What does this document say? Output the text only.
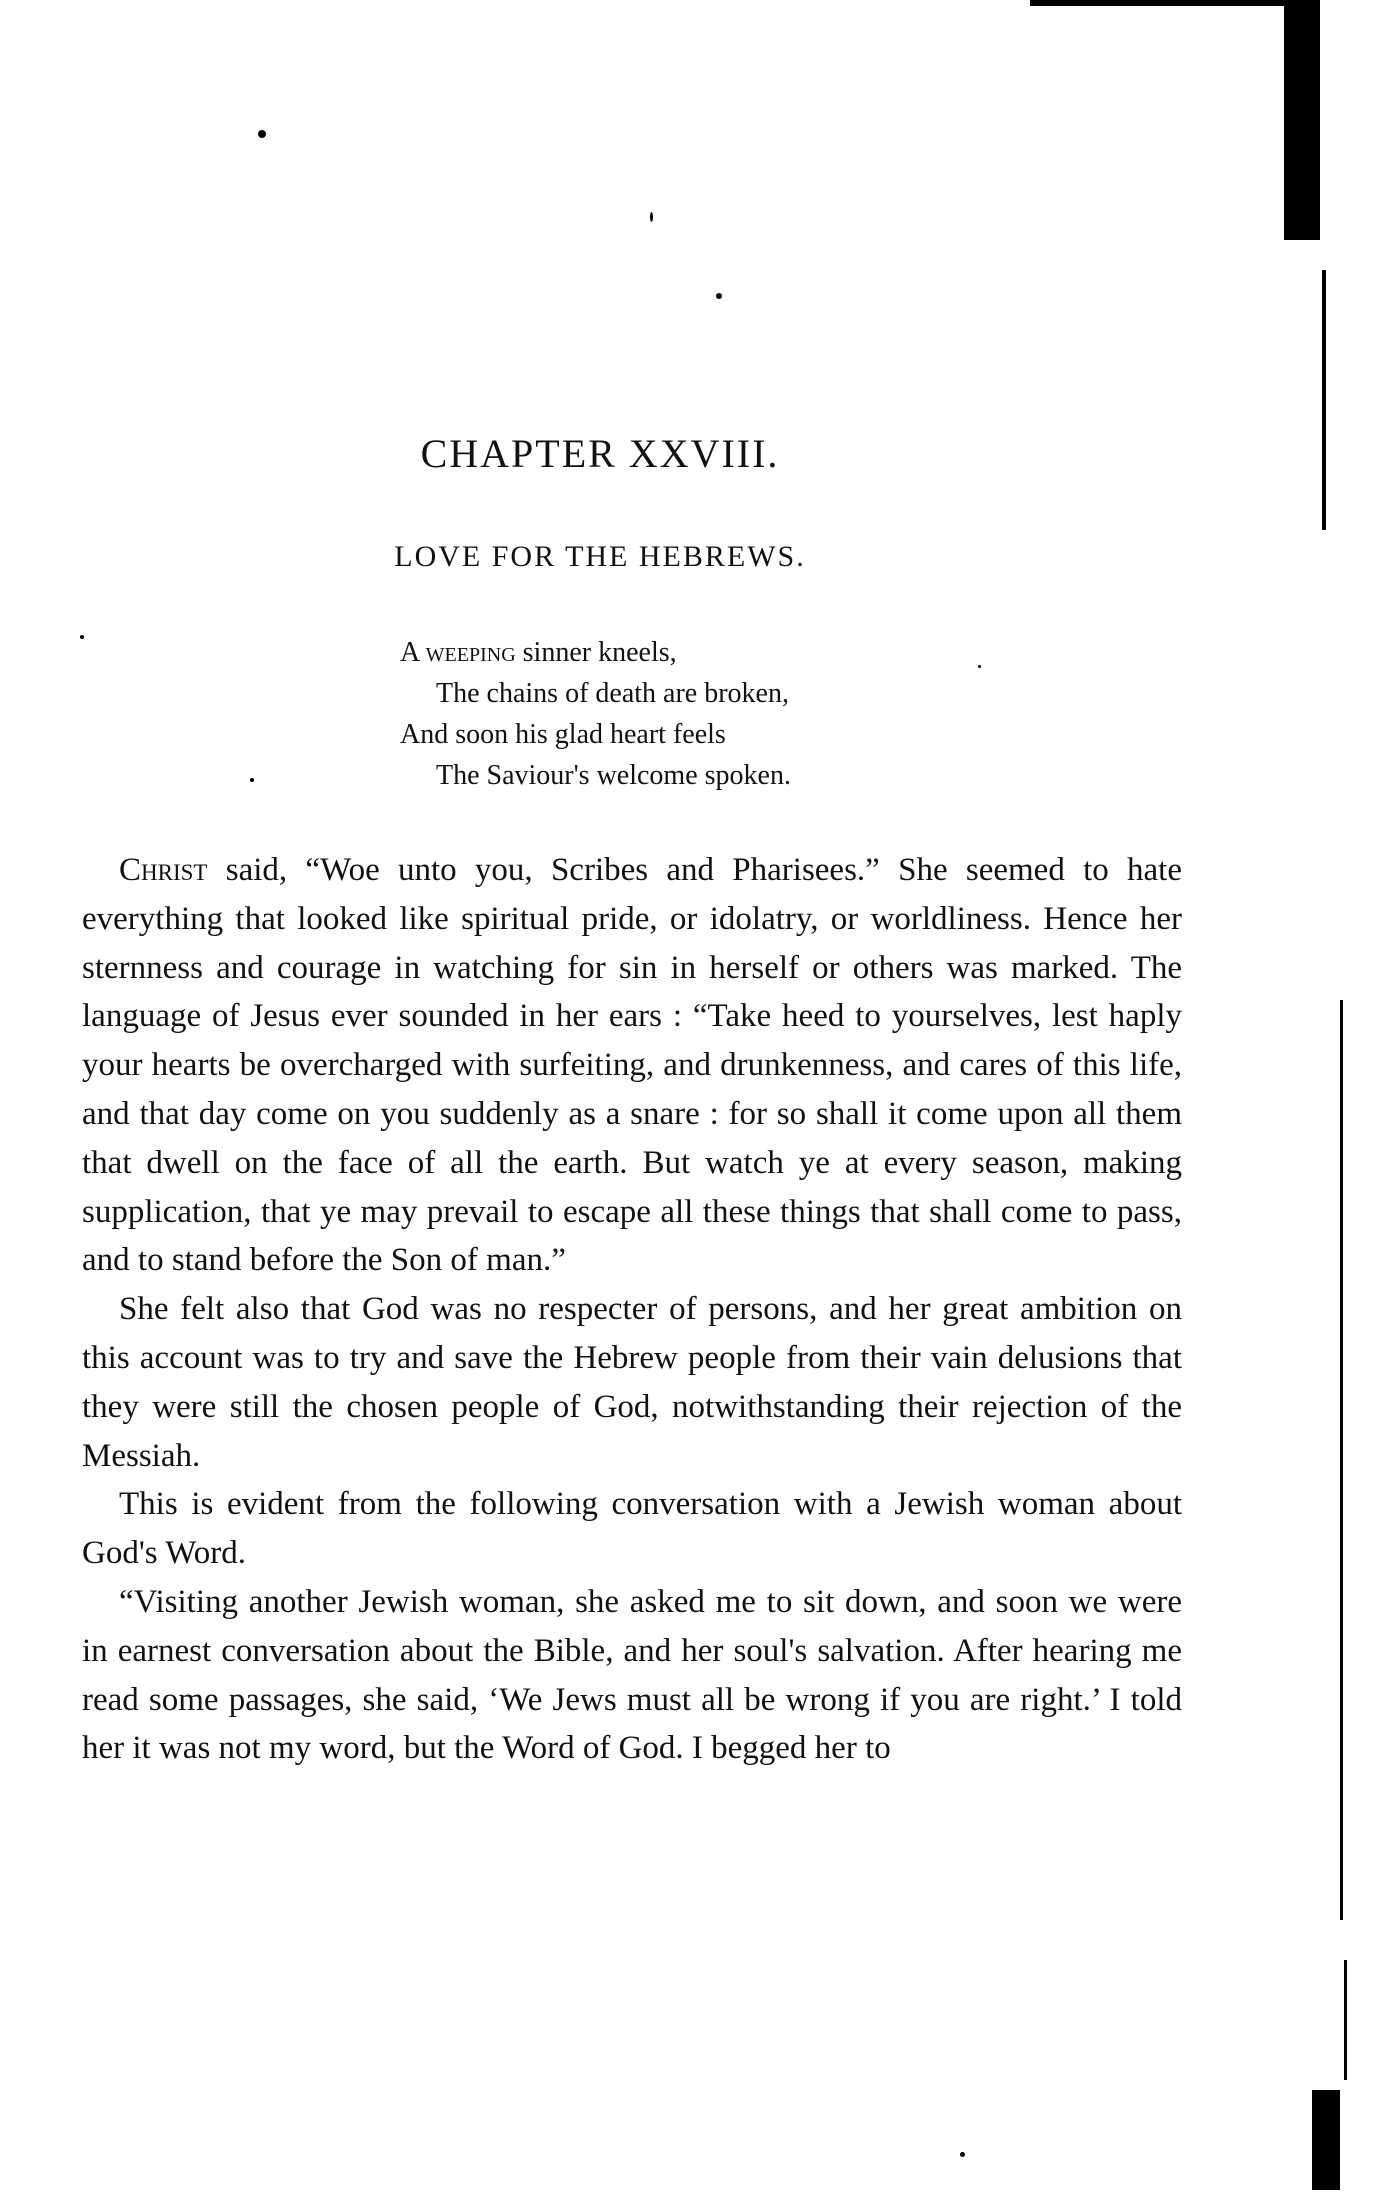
CHAPTER XXVIII.
LOVE FOR THE HEBREWS.
A weeping sinner kneels,
The chains of death are broken,
And soon his glad heart feels
The Saviour's welcome spoken.

Christ said, “Woe unto you, Scribes and Pharisees.” She seemed to hate everything that looked like spiritual pride, or idolatry, or worldliness. Hence her sternness and courage in watching for sin in herself or others was marked. The language of Jesus ever sounded in her ears : “Take heed to yourselves, lest haply your hearts be overcharged with surfeiting, and drunkenness, and cares of this life, and that day come on you suddenly as a snare : for so shall it come upon all them that dwell on the face of all the earth. But watch ye at every season, making supplication, that ye may prevail to escape all these things that shall come to pass, and to stand before the Son of man.”

She felt also that God was no respecter of persons, and her great ambition on this account was to try and save the Hebrew people from their vain delusions that they were still the chosen people of God, notwithstanding their rejection of the Messiah.

This is evident from the following conversation with a Jewish woman about God's Word.

“Visiting another Jewish woman, she asked me to sit down, and soon we were in earnest conversation about the Bible, and her soul's salvation. After hearing me read some passages, she said, ‘We Jews must all be wrong if you are right.’ I told her it was not my word, but the Word of God. I begged her to
